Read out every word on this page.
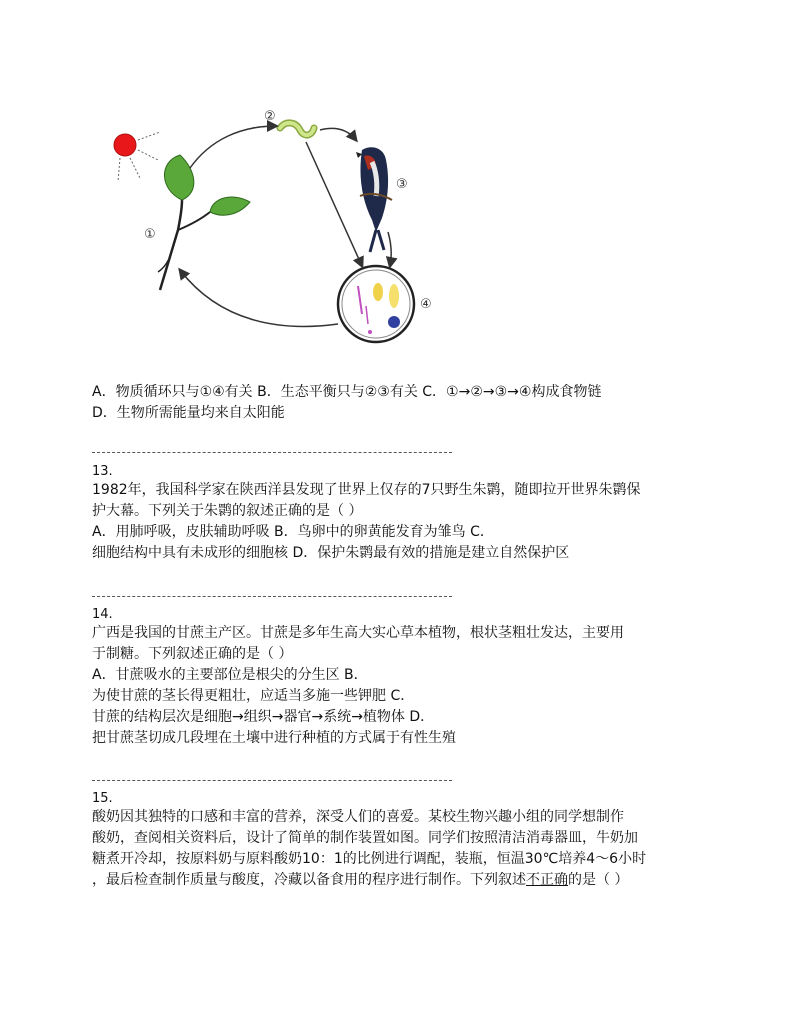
①
②
③
④
A．物质循环只与①④有关 B．生态平衡只与②③有关 C．①→②→③→④构成食物链
D．生物所需能量均来自太阳能
13.
1982年，我国科学家在陕西洋县发现了世界上仅存的7只野生朱鹮，随即拉开世界朱鹮保
护大幕。下列关于朱鹮的叙述正确的是（ ）
A．用肺呼吸，皮肤辅助呼吸 B．鸟卵中的卵黄能发育为雏鸟 C．
细胞结构中具有未成形的细胞核 D．保护朱鹮最有效的措施是建立自然保护区
14.
广西是我国的甘蔗主产区。甘蔗是多年生高大实心草本植物，根状茎粗壮发达，主要用
于制糖。下列叙述正确的是（ ）
A．甘蔗吸水的主要部位是根尖的分生区 B．
为使甘蔗的茎长得更粗壮，应适当多施一些钾肥 C．
甘蔗的结构层次是细胞→组织→器官→系统→植物体 D．
把甘蔗茎切成几段埋在土壤中进行种植的方式属于有性生殖
15.
酸奶因其独特的口感和丰富的营养，深受人们的喜爱。某校生物兴趣小组的同学想制作
酸奶，查阅相关资料后，设计了简单的制作装置如图。同学们按照清洁消毒器皿，牛奶加
糖煮开冷却，按原料奶与原料酸奶10：1的比例进行调配，装瓶，恒温30℃培养4～6小时
，最后检查制作质量与酸度，冷藏以备食用的程序进行制作。下列叙述不正确的是（ ）
